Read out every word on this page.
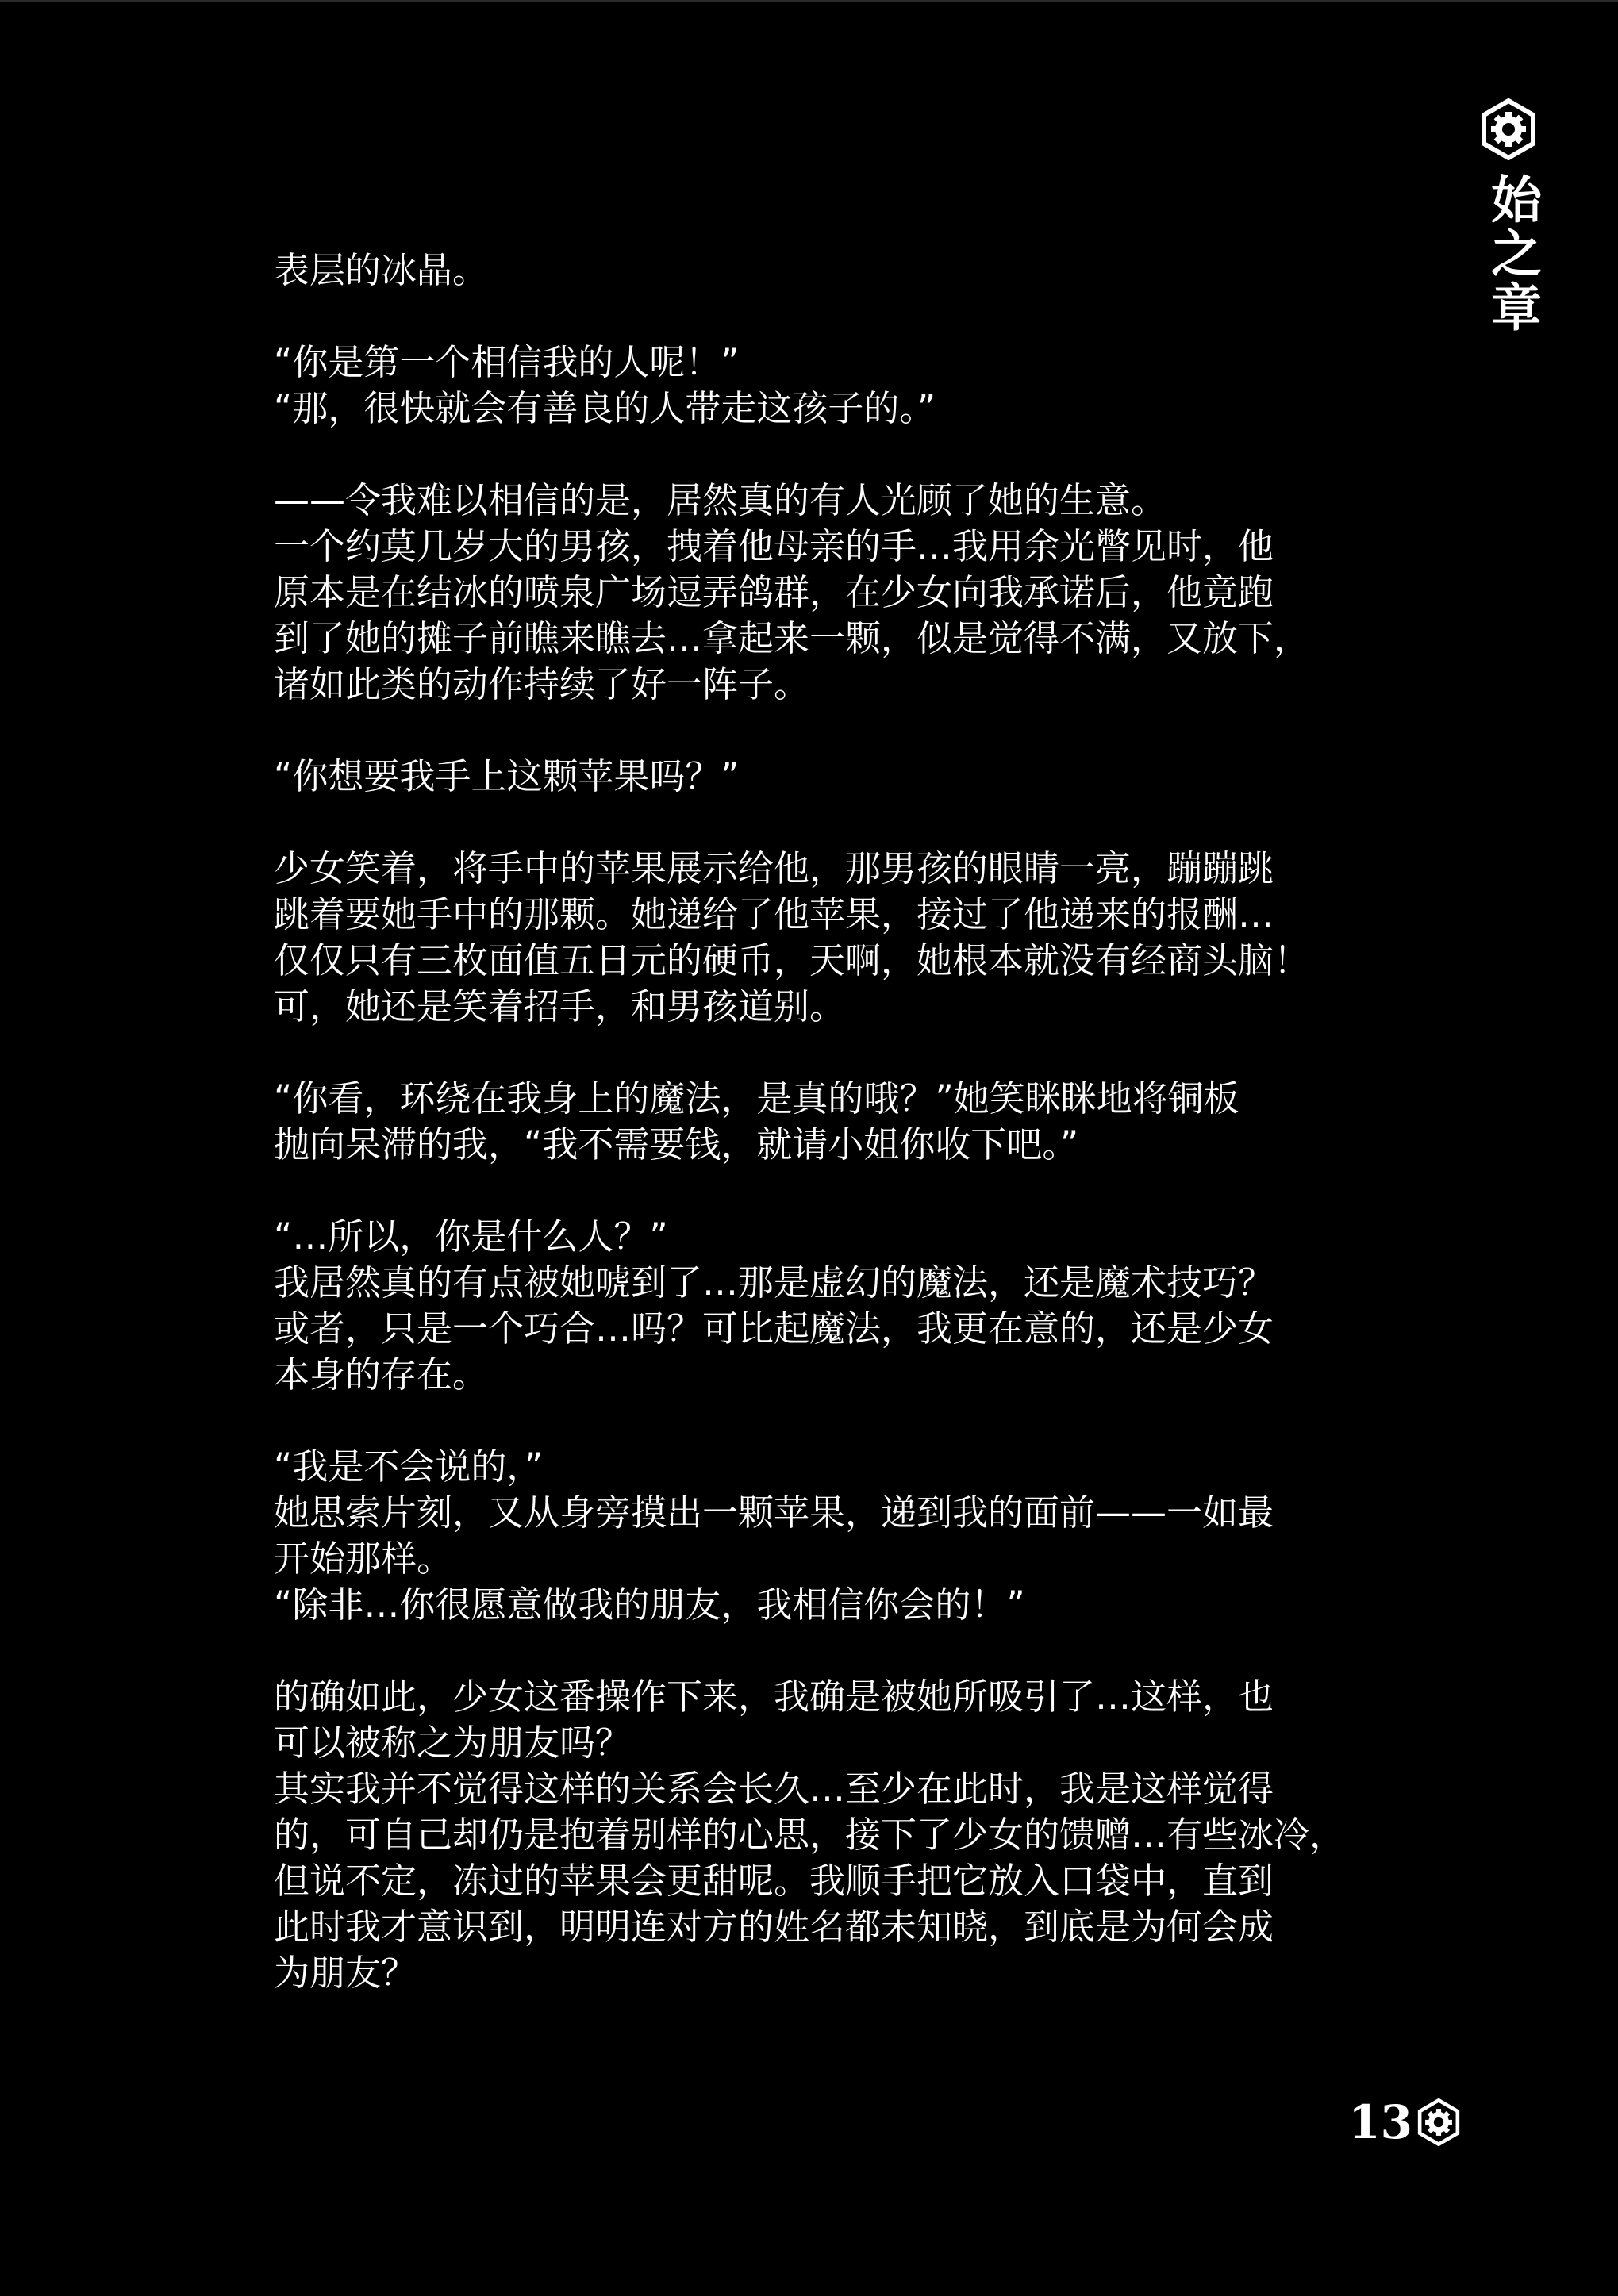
始之章
表层的冰晶。
“你是第一个相信我的人呢！”
“那，很快就会有善良的人带走这孩子的。”
——令我难以相信的是，居然真的有人光顾了她的生意。
一个约莫几岁大的男孩，拽着他母亲的手…我用余光瞥见时，他
原本是在结冰的喷泉广场逗弄鸽群，在少女向我承诺后，他竟跑
到了她的摊子前瞧来瞧去…拿起来一颗，似是觉得不满，又放下，
诸如此类的动作持续了好一阵子。
“你想要我手上这颗苹果吗？”
少女笑着，将手中的苹果展示给他，那男孩的眼睛一亮，蹦蹦跳
跳着要她手中的那颗。她递给了他苹果，接过了他递来的报酬…
仅仅只有三枚面值五日元的硬币，天啊，她根本就没有经商头脑！
可，她还是笑着招手，和男孩道别。
“你看，环绕在我身上的魔法，是真的哦？”她笑眯眯地将铜板
抛向呆滞的我，“我不需要钱，就请小姐你收下吧。”
“…所以，你是什么人？”
我居然真的有点被她唬到了…那是虚幻的魔法，还是魔术技巧？
或者，只是一个巧合…吗？可比起魔法，我更在意的，还是少女
本身的存在。
“我是不会说的，”
她思索片刻，又从身旁摸出一颗苹果，递到我的面前——一如最
开始那样。
“除非…你很愿意做我的朋友，我相信你会的！”
的确如此，少女这番操作下来，我确是被她所吸引了…这样，也
可以被称之为朋友吗？
其实我并不觉得这样的关系会长久…至少在此时，我是这样觉得
的，可自己却仍是抱着别样的心思，接下了少女的馈赠…有些冰冷，
但说不定，冻过的苹果会更甜呢。我顺手把它放入口袋中，直到
此时我才意识到，明明连对方的姓名都未知晓，到底是为何会成
为朋友？
13
